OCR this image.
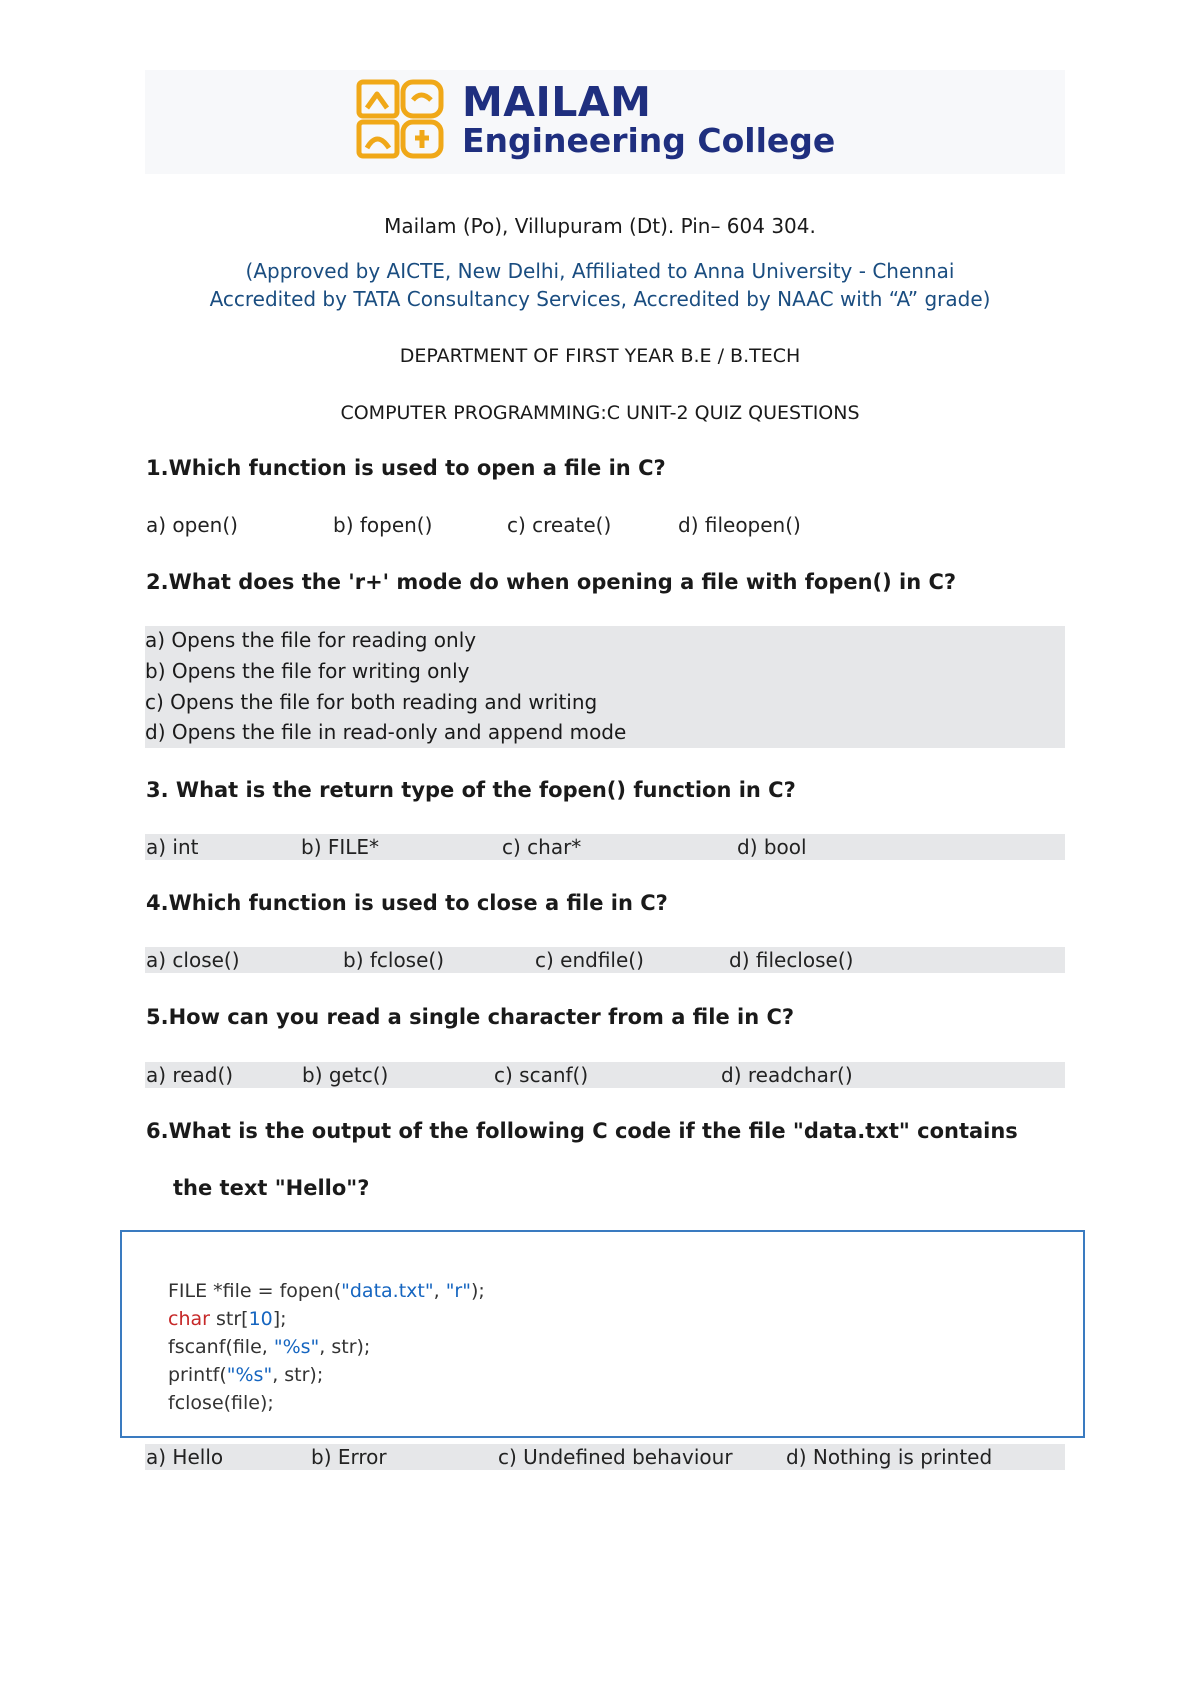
MAILAM
Engineering College
Mailam (Po), Villupuram (Dt). Pin– 604 304.
(Approved by AICTE, New Delhi, Affiliated to Anna University - Chennai
Accredited by TATA Consultancy Services, Accredited by NAAC with “A” grade)
DEPARTMENT OF FIRST YEAR B.E / B.TECH
COMPUTER PROGRAMMING:C UNIT-2 QUIZ QUESTIONS
1.Which function is used to open a file in C?
a) open()	b) fopen()	c) create()	d) fileopen()
2.What does the 'r+' mode do when opening a file with fopen() in C?
a) Opens the file for reading only
b) Opens the file for writing only
c) Opens the file for both reading and writing
d) Opens the file in read-only and append mode
3. What is the return type of the fopen() function in C?
a) int	b) FILE*	c) char*	d) bool
4.Which function is used to close a file in C?
a) close()	b) fclose()	c) endfile()	d) fileclose()
5.How can you read a single character from a file in C?
a) read()	b) getc()	c) scanf()	d) readchar()
6.What is the output of the following C code if the file "data.txt" contains
the text "Hello"?
FILE *file = fopen("data.txt", "r");
char str[10];
fscanf(file, "%s", str);
printf("%s", str);
fclose(file);
a) Hello	b) Error	c) Undefined behaviour	d) Nothing is printed
